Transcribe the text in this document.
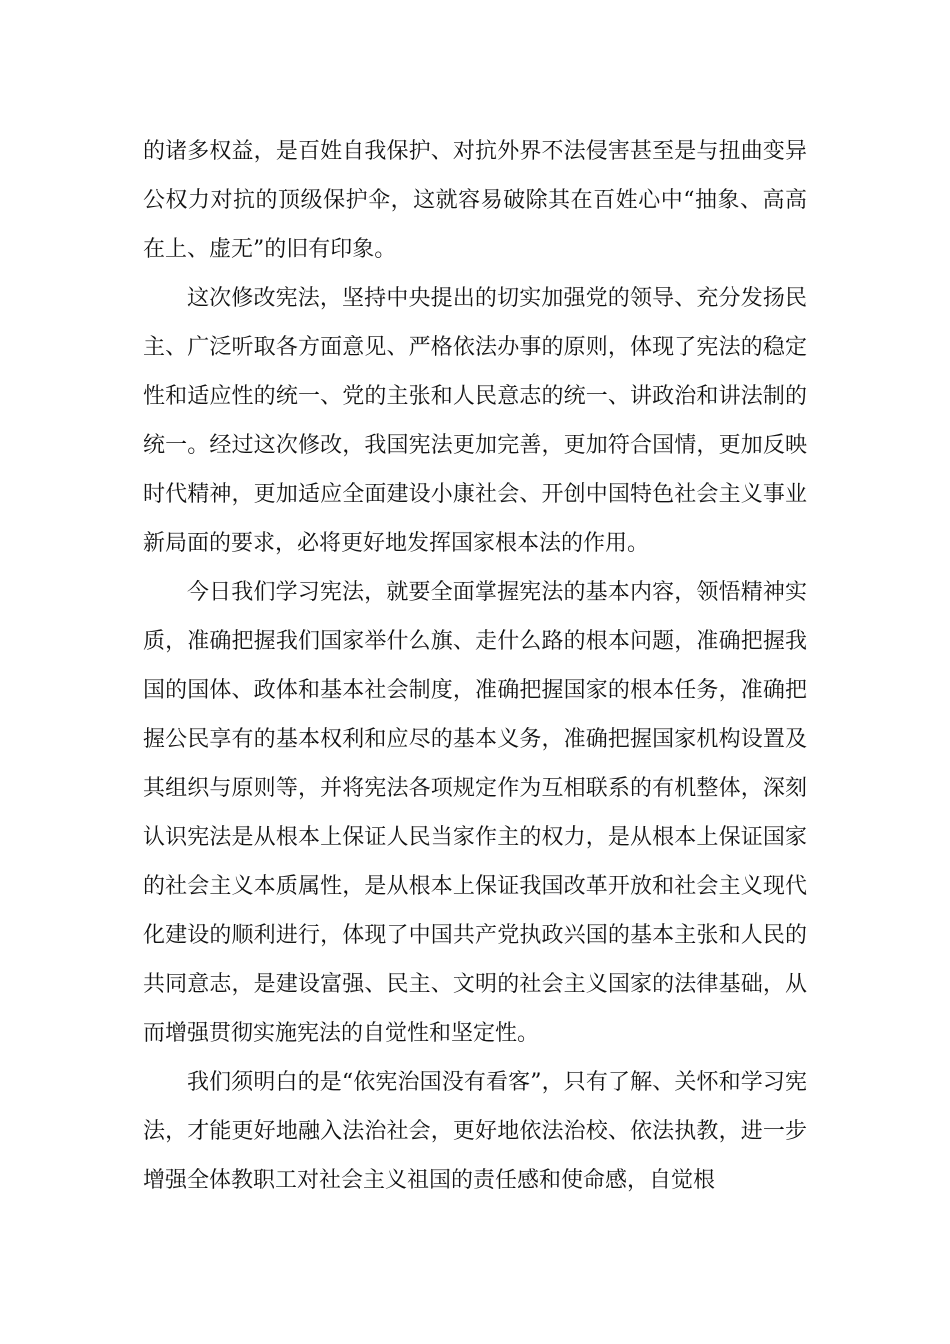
的诸多权益，是百姓自我保护、对抗外界不法侵害甚至是与扭曲变异公权力对抗的顶级保护伞，这就容易破除其在百姓心中“抽象、高高在上、虚无”的旧有印象。

这次修改宪法，坚持中央提出的切实加强党的领导、充分发扬民主、广泛听取各方面意见、严格依法办事的原则，体现了宪法的稳定性和适应性的统一、党的主张和人民意志的统一、讲政治和讲法制的统一。经过这次修改，我国宪法更加完善，更加符合国情，更加反映时代精神，更加适应全面建设小康社会、开创中国特色社会主义事业新局面的要求，必将更好地发挥国家根本法的作用。

今日我们学习宪法，就要全面掌握宪法的基本内容，领悟精神实质，准确把握我们国家举什么旗、走什么路的根本问题，准确把握我国的国体、政体和基本社会制度，准确把握国家的根本任务，准确把握公民享有的基本权利和应尽的基本义务，准确把握国家机构设置及其组织与原则等，并将宪法各项规定作为互相联系的有机整体，深刻认识宪法是从根本上保证人民当家作主的权力，是从根本上保证国家的社会主义本质属性，是从根本上保证我国改革开放和社会主义现代化建设的顺利进行，体现了中国共产党执政兴国的基本主张和人民的共同意志，是建设富强、民主、文明的社会主义国家的法律基础，从而增强贯彻实施宪法的自觉性和坚定性。

我们须明白的是“依宪治国没有看客”，只有了解、关怀和学习宪法，才能更好地融入法治社会，更好地依法治校、依法执教，进一步增强全体教职工对社会主义祖国的责任感和使命感，自觉根
